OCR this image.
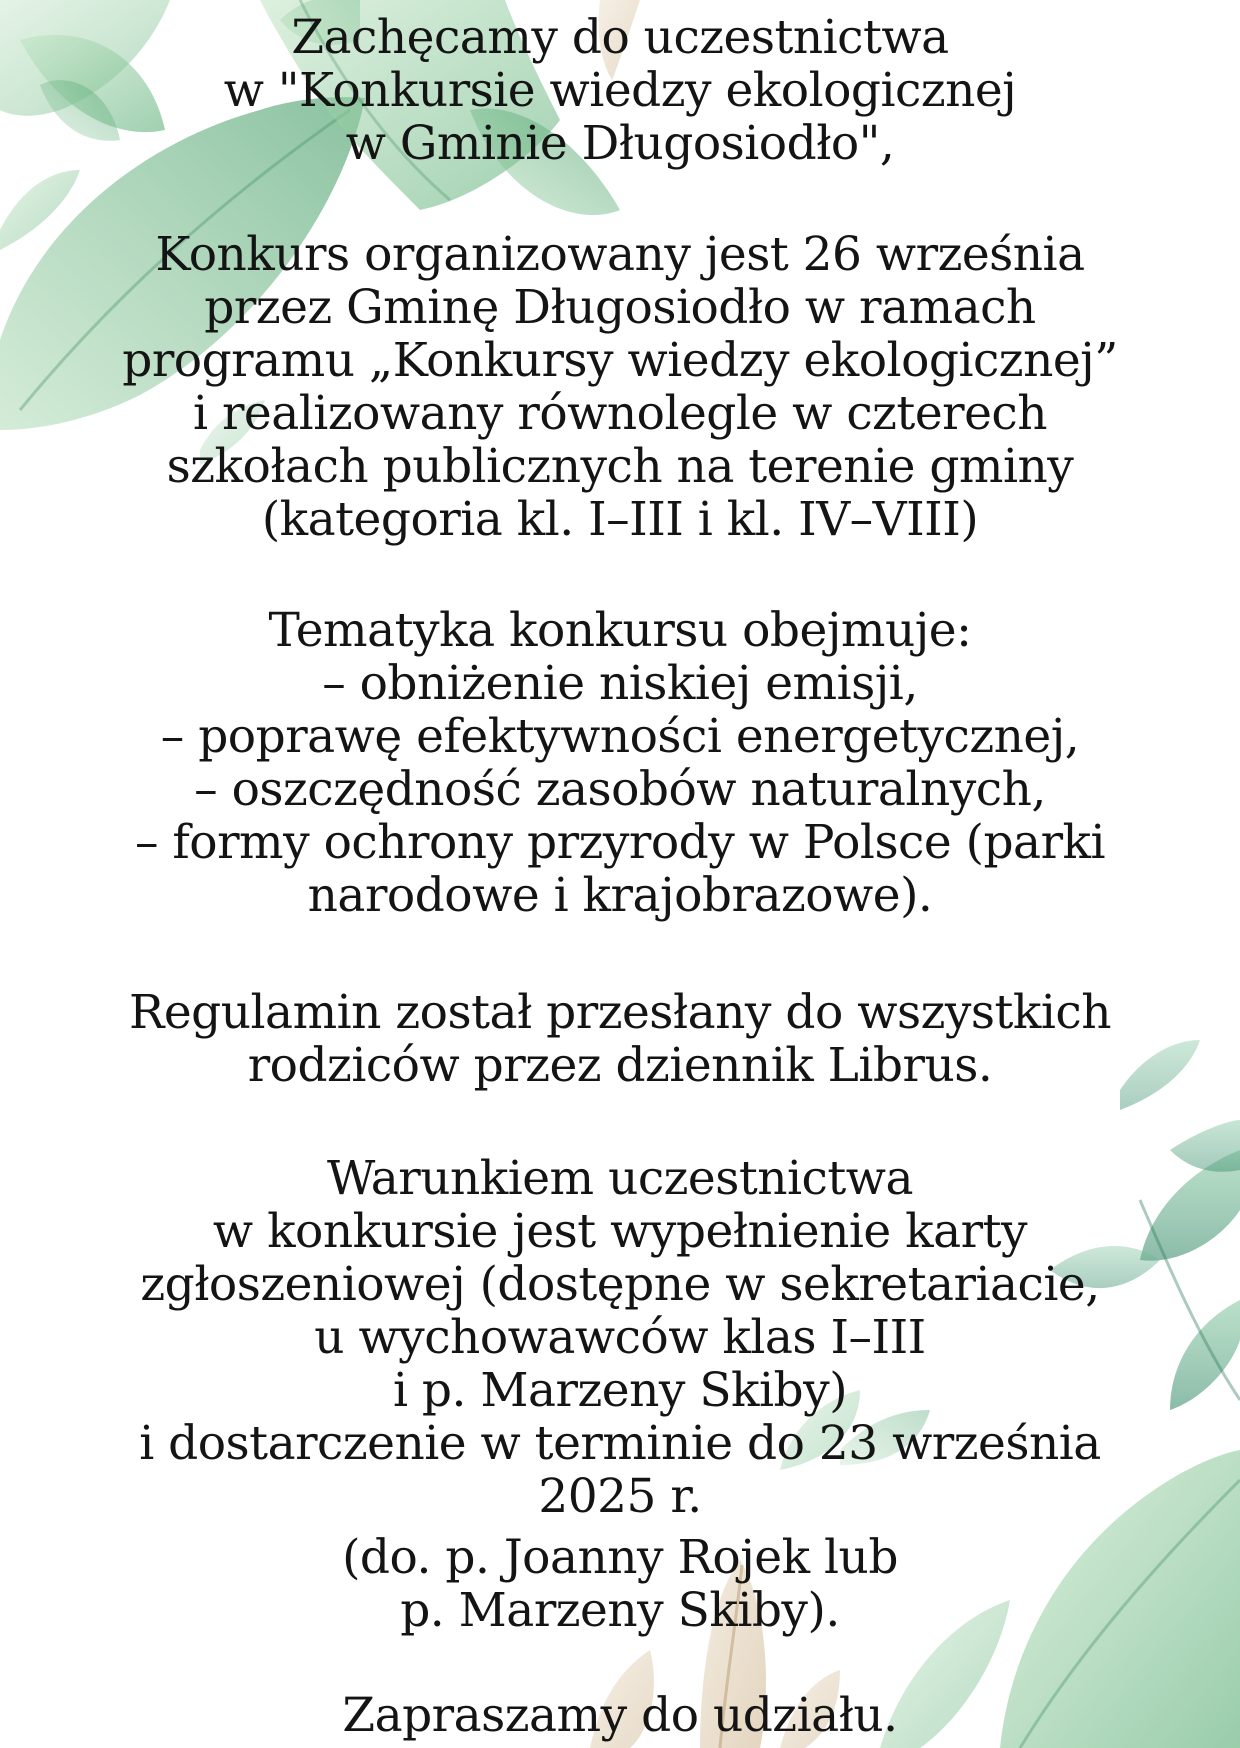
Zachęcamy do uczestnictwa
w "Konkursie wiedzy ekologicznej
w Gminie Długosiodło",
Konkurs organizowany jest 26 września
przez Gminę Długosiodło w ramach
programu „Konkursy wiedzy ekologicznej”
i realizowany równolegle w czterech
szkołach publicznych na terenie gminy
(kategoria kl. I–III i kl. IV–VIII)
Tematyka konkursu obejmuje:
– obniżenie niskiej emisji,
– poprawę efektywności energetycznej,
– oszczędność zasobów naturalnych,
– formy ochrony przyrody w Polsce (parki
narodowe i krajobrazowe).
Regulamin został przesłany do wszystkich
rodziców przez dziennik Librus.
Warunkiem uczestnictwa
w konkursie jest wypełnienie karty
zgłoszeniowej (dostępne w sekretariacie,
u wychowawców klas I–III
i p. Marzeny Skiby)
i dostarczenie w terminie do 23 września
2025 r.
(do. p. Joanny Rojek lub
p. Marzeny Skiby).
Zapraszamy do udziału.
